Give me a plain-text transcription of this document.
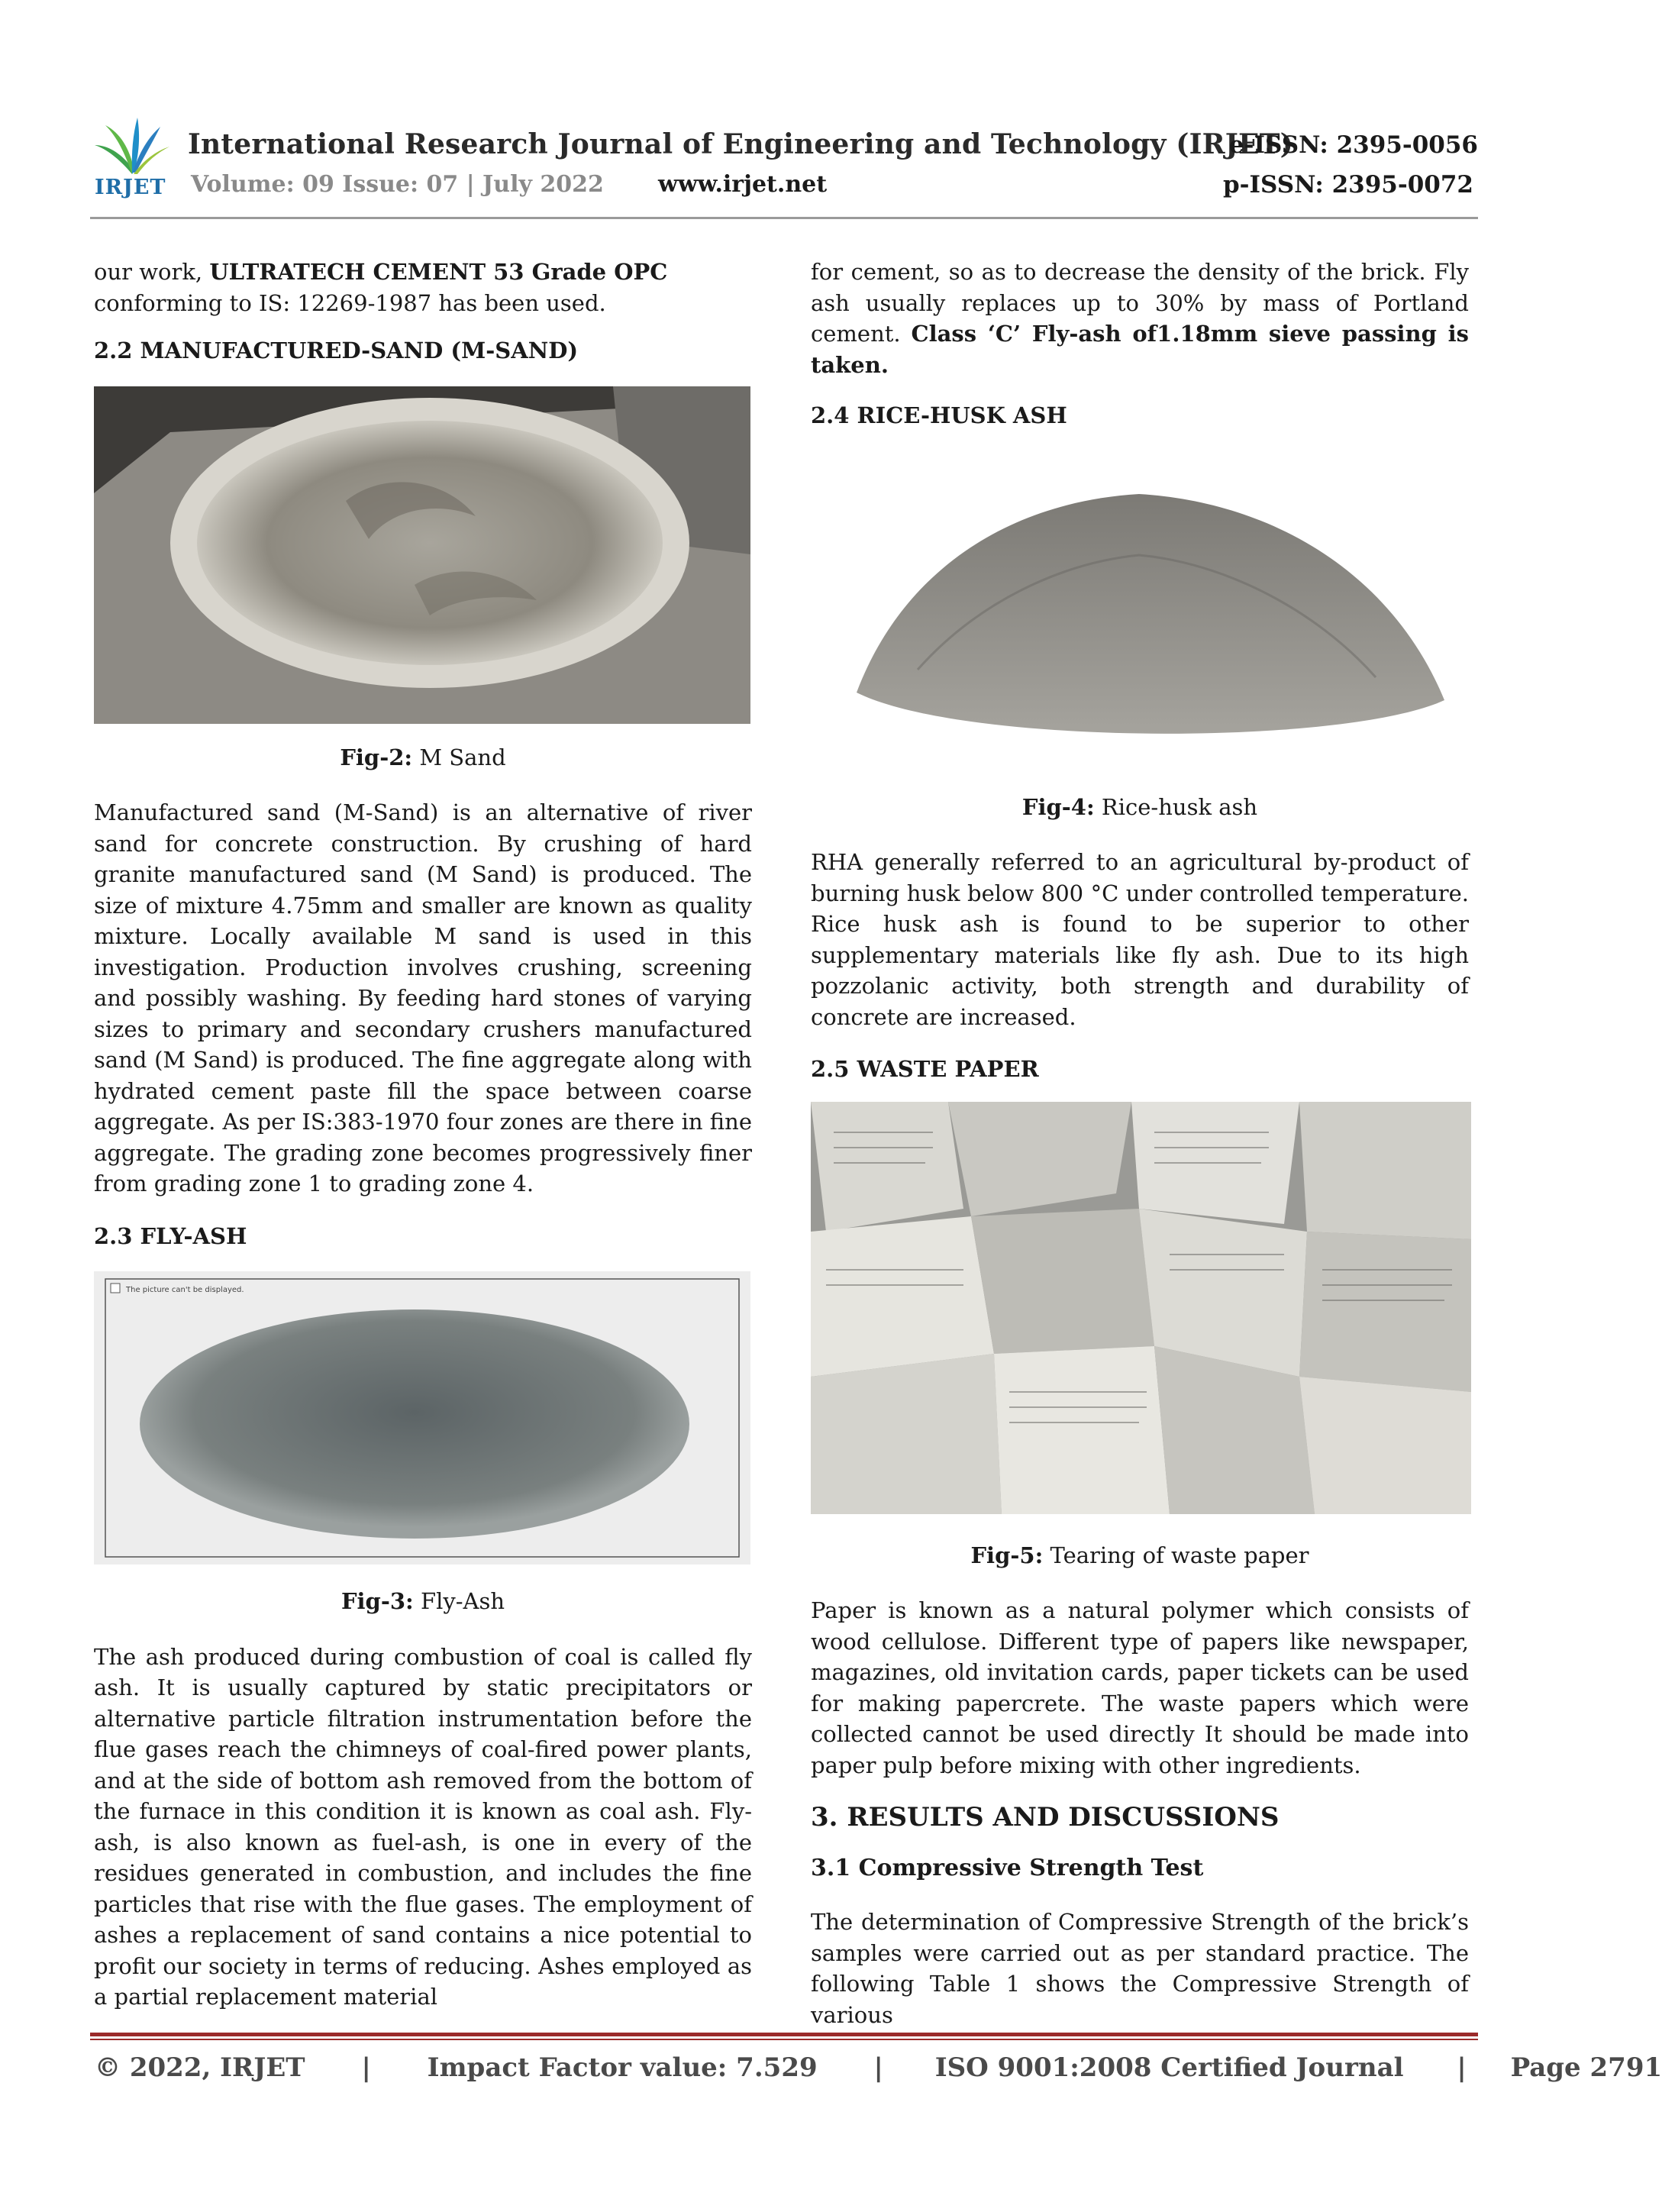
IRJET
International Research Journal of Engineering and Technology (IRJET)
e-ISSN: 2395-0056
Volume: 09 Issue: 07 | July 2022 www.irjet.net	p-ISSN: 2395-0072

our work, ULTRATECH CEMENT 53 Grade OPC conforming to IS: 12269-1987 has been used.

2.2 MANUFACTURED-SAND (M-SAND)

Fig-2: M Sand

Manufactured sand (M-Sand) is an alternative of river sand for concrete construction. By crushing of hard granite manufactured sand (M Sand) is produced. The size of mixture 4.75mm and smaller are known as quality mixture. Locally available M sand is used in this investigation. Production involves crushing, screening and possibly washing. By feeding hard stones of varying sizes to primary and secondary crushers manufactured sand (M Sand) is produced. The fine aggregate along with hydrated cement paste fill the space between coarse aggregate. As per IS:383-1970 four zones are there in fine aggregate. The grading zone becomes progressively finer from grading zone 1 to grading zone 4.

2.3 FLY-ASH
The picture can't be displayed.

Fig-3: Fly-Ash

The ash produced during combustion of coal is called fly ash. It is usually captured by static precipitators or alternative particle filtration instrumentation before the flue gases reach the chimneys of coal-fired power plants, and at the side of bottom ash removed from the bottom of the furnace in this condition it is known as coal ash. Fly-ash, is also known as fuel-ash, is one in every of the residues generated in combustion, and includes the fine particles that rise with the flue gases. The employment of ashes a replacement of sand contains a nice potential to profit our society in terms of reducing. Ashes employed as a partial replacement material

for cement, so as to decrease the density of the brick. Fly ash usually replaces up to 30% by mass of Portland cement. Class ‘C’ Fly-ash of1.18mm sieve passing is taken.

2.4 RICE-HUSK ASH

Fig-4: Rice-husk ash

RHA generally referred to an agricultural by-product of burning husk below 800 °C under controlled temperature. Rice husk ash is found to be superior to other supplementary materials like fly ash. Due to its high pozzolanic activity, both strength and durability of concrete are increased.

2.5 WASTE PAPER

Fig-5: Tearing of waste paper

Paper is known as a natural polymer which consists of wood cellulose. Different type of papers like newspaper, magazines, old invitation cards, paper tickets can be used for making papercrete. The waste papers which were collected cannot be used directly It should be made into paper pulp before mixing with other ingredients.

3. RESULTS AND DISCUSSIONS
3.1 Compressive Strength Test

The determination of Compressive Strength of the brick’s samples were carried out as per standard practice. The following Table 1 shows the Compressive Strength of various

© 2022, IRJET | Impact Factor value: 7.529 | ISO 9001:2008 Certified Journal | Page 2791
